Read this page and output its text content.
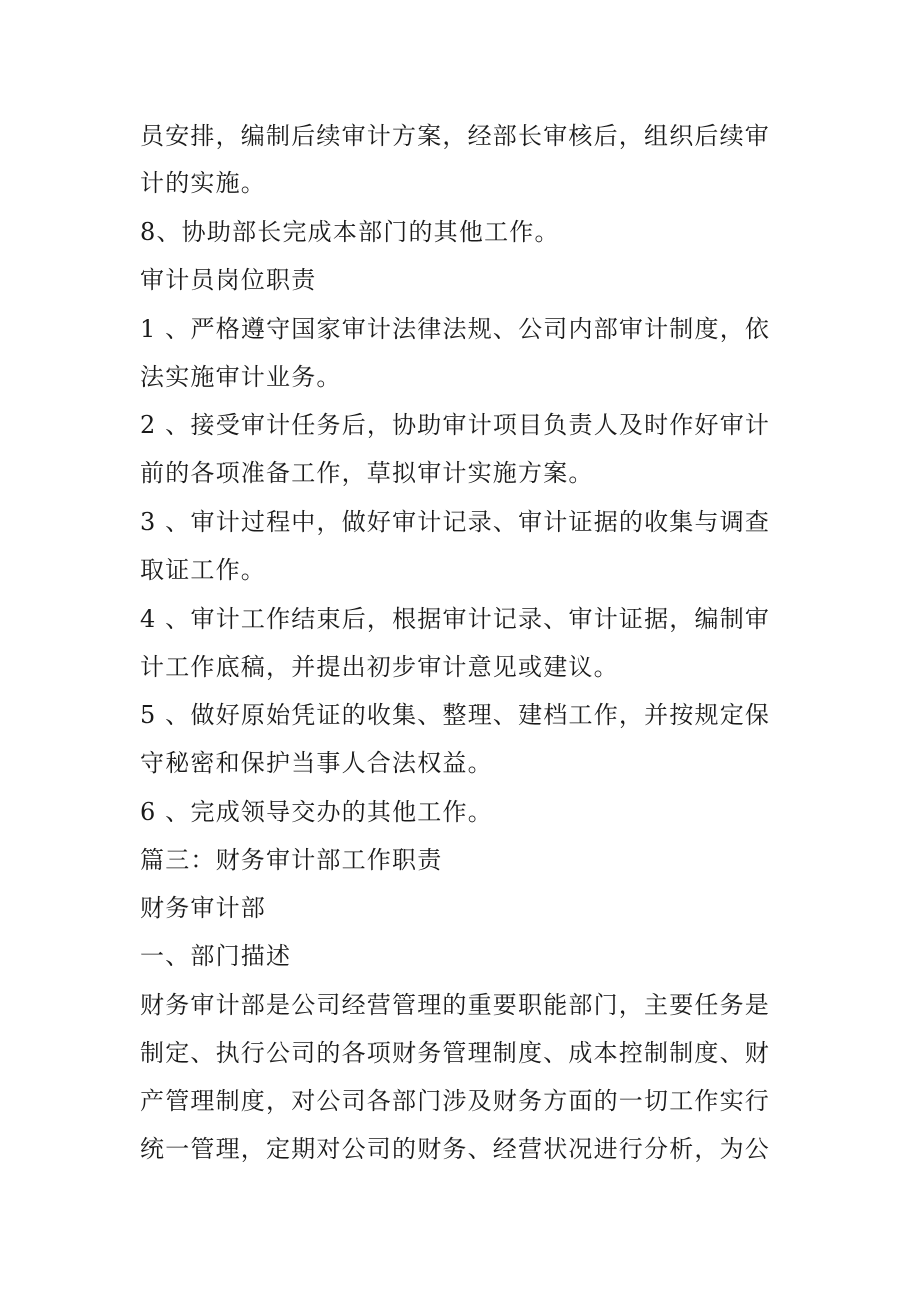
员安排，编制后续审计方案，经部长审核后，组织后续审
计的实施。
8、协助部长完成本部门的其他工作。
审计员岗位职责
1 、严格遵守国家审计法律法规、公司内部审计制度，依
法实施审计业务。
2 、接受审计任务后，协助审计项目负责人及时作好审计
前的各项准备工作，草拟审计实施方案。
3 、审计过程中，做好审计记录、审计证据的收集与调查
取证工作。
4 、审计工作结束后，根据审计记录、审计证据，编制审
计工作底稿，并提出初步审计意见或建议。
5 、做好原始凭证的收集、整理、建档工作，并按规定保
守秘密和保护当事人合法权益。
6 、完成领导交办的其他工作。
篇三：财务审计部工作职责
财务审计部
一、部门描述
财务审计部是公司经营管理的重要职能部门，主要任务是
制定、执行公司的各项财务管理制度、成本控制制度、财
产管理制度，对公司各部门涉及财务方面的一切工作实行
统一管理，定期对公司的财务、经营状况进行分析，为公
